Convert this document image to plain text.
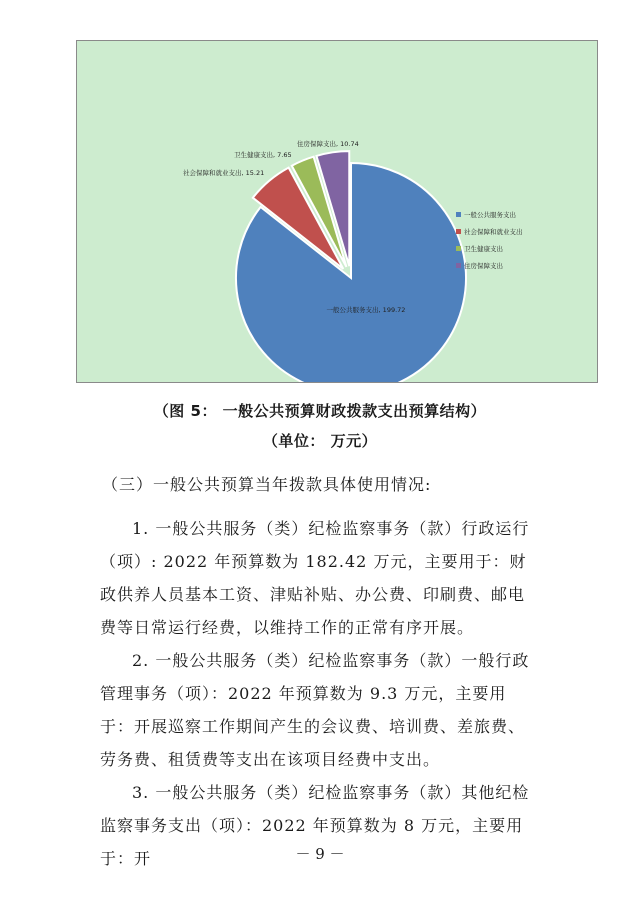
一般公共服务支出, 199.72
社会保障和就业支出, 15.21
卫生健康支出, 7.65
住房保障支出, 10.74
一般公共服务支出
社会保障和就业支出
卫生健康支出
住房保障支出
（图 5： 一般公共预算财政拨款支出预算结构）
（单位： 万元）
（三）一般公共预算当年拨款具体使用情况:
1. 一般公共服务（类）纪检监察事务（款）行政运行（项）: 2022 年预算数为 182.42 万元，主要用于：财政供养人员基本工资、津贴补贴、办公费、印刷费、邮电费等日常运行经费，以维持工作的正常有序开展。
2. 一般公共服务（类）纪检监察事务（款）一般行政管理事务（项）：2022 年预算数为 9.3 万元，主要用于：开展巡察工作期间产生的会议费、培训费、差旅费、劳务费、租赁费等支出在该项目经费中支出。
3. 一般公共服务（类）纪检监察事务（款）其他纪检监察事务支出（项）：2022 年预算数为 8 万元，主要用于：开	－ 9 －
